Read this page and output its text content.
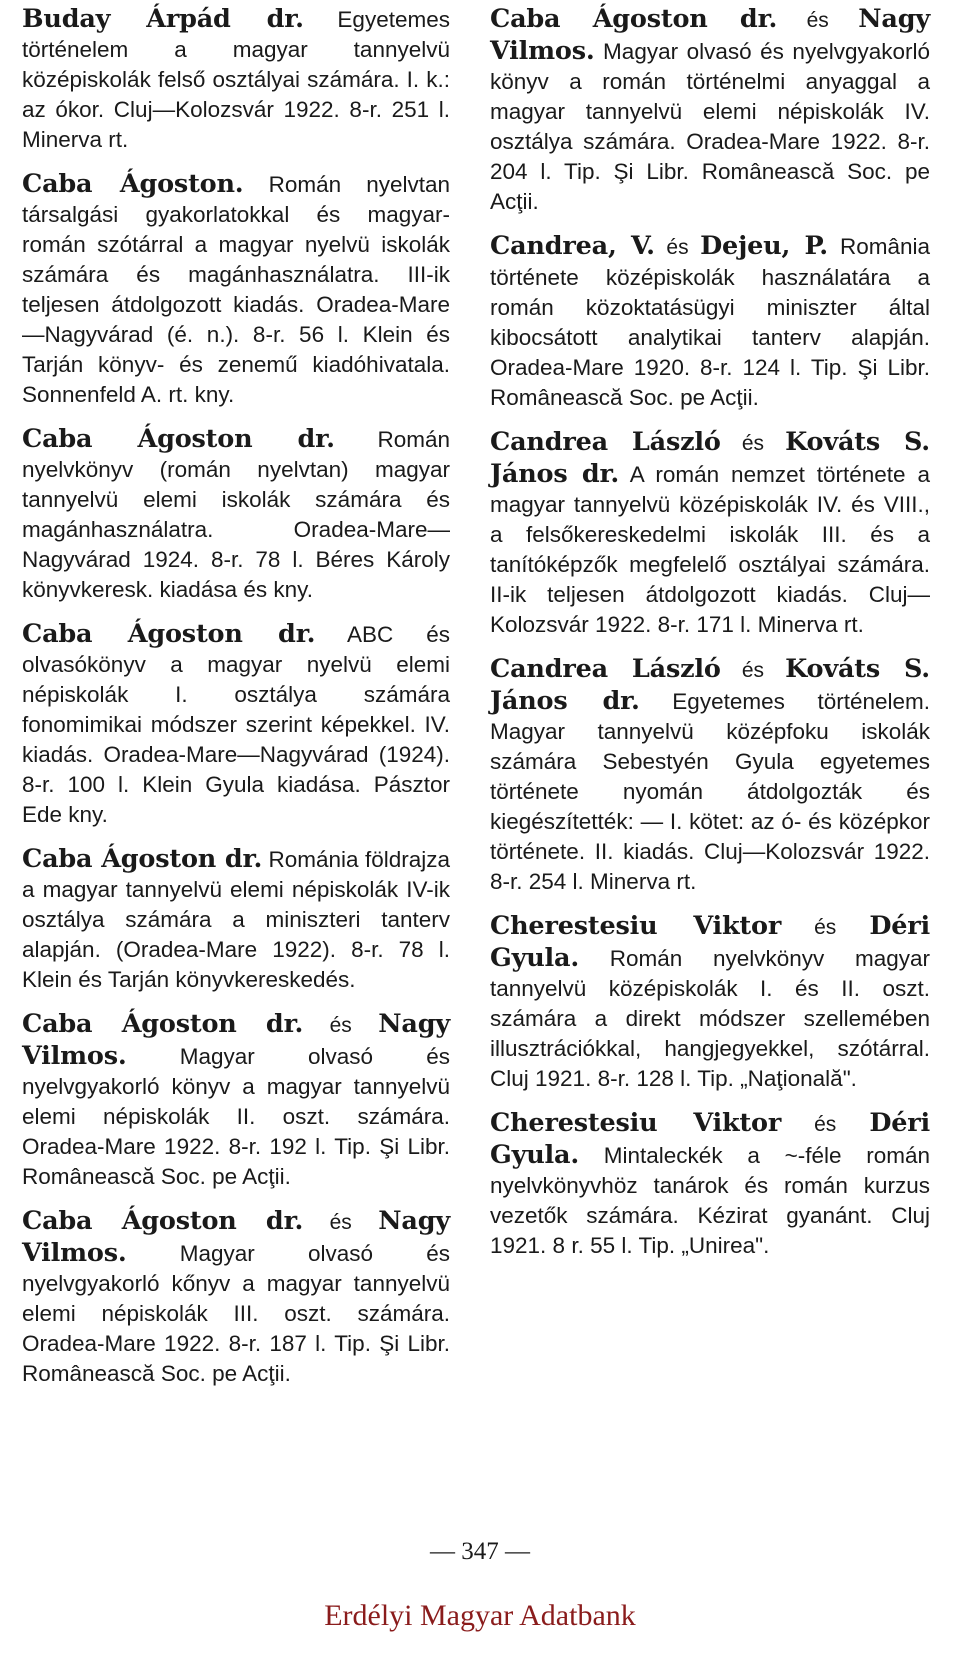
Buday Árpád dr. Egyetemes történelem a magyar tannyelvü középiskolák felső osztályai számára. I. k.: az ókor. Cluj—Kolozsvár 1922. 8-r. 251 l. Minerva rt.

Caba Ágoston. Román nyelvtan társalgási gyakorlatokkal és magyar-román szótárral a magyar nyelvü iskolák számára és magánhasználatra. III-ik teljesen átdolgozott kiadás. Oradea-Mare—Nagyvárad (é. n.). 8-r. 56 l. Klein és Tarján könyv- és zenemű kiadóhivatala. Sonnenfeld A. rt. kny.

Caba Ágoston dr. Román nyelvkönyv (román nyelvtan) magyar tannyelvü elemi iskolák számára és magánhasználatra. Oradea-Mare—Nagyvárad 1924. 8-r. 78 l. Béres Károly könyvkeresk. kiadása és kny.

Caba Ágoston dr. ABC és olvasókönyv a magyar nyelvü elemi népiskolák I. osztálya számára fonomimikai módszer szerint képekkel. IV. kiadás. Oradea-Mare—Nagyvárad (1924). 8-r. 100 l. Klein Gyula kiadása. Pásztor Ede kny.

Caba Ágoston dr. Románia földrajza a magyar tannyelvü elemi népiskolák IV-ik osztálya számára a miniszteri tanterv alapján. (Oradea-Mare 1922). 8-r. 78 l. Klein és Tarján könyvkereskedés.

Caba Ágoston dr. és Nagy Vilmos. Magyar olvasó és nyelvgyakorló könyv a magyar tannyelvü elemi népiskolák II. oszt. számára. Oradea-Mare 1922. 8-r. 192 l. Tip. Şi Libr. Românească Soc. pe Acţii.

Caba Ágoston dr. és Nagy Vilmos. Magyar olvasó és nyelvgyakorló kőnyv a magyar tannyelvü elemi népiskolák III. oszt. számára. Oradea-Mare 1922. 8-r. 187 l. Tip. Şi Libr. Românească Soc. pe Acţii.

Caba Ágoston dr. és Nagy Vilmos. Magyar olvasó és nyelvgyakorló könyv a román történelmi anyaggal a magyar tannyelvü elemi népiskolák IV. osztálya számára. Oradea-Mare 1922. 8-r. 204 l. Tip. Şi Libr. Românească Soc. pe Acţii.

Candrea, V. és Dejeu, P. România története középiskolák használatára a román közoktatásügyi miniszter által kibocsátott analytikai tanterv alapján. Oradea-Mare 1920. 8-r. 124 l. Tip. Şi Libr. Românească Soc. pe Acţii.

Candrea László és Kováts S. János dr. A román nemzet története a magyar tannyelvü középiskolák IV. és VIII., a felsőkereskedelmi iskolák III. és a tanítóképzők megfelelő osztályai számára. II-ik teljesen átdolgozott kiadás. Cluj—Kolozsvár 1922. 8-r. 171 l. Minerva rt.

Candrea László és Kováts S. János dr. Egyetemes történelem. Magyar tannyelvü középfoku iskolák számára Sebestyén Gyula egyetemes története nyomán átdolgozták és kiegészítették: — I. kötet: az ó- és középkor története. II. kiadás. Cluj—Kolozsvár 1922. 8-r. 254 l. Minerva rt.

Cherestesiu Viktor és Déri Gyula. Román nyelvkönyv magyar tannyelvü középiskolák I. és II. oszt. számára a direkt módszer szellemében illusztrációkkal, hangjegyekkel, szótárral. Cluj 1921. 8-r. 128 l. Tip. „Naţională".

Cherestesiu Viktor és Déri Gyula. Mintaleckék a ~-féle román nyelvkönyvhöz tanárok és román kurzus vezetők számára. Kézirat gyanánt. Cluj 1921. 8 r. 55 l. Tip. „Unirea".

— 347 —
Erdélyi Magyar Adatbank
